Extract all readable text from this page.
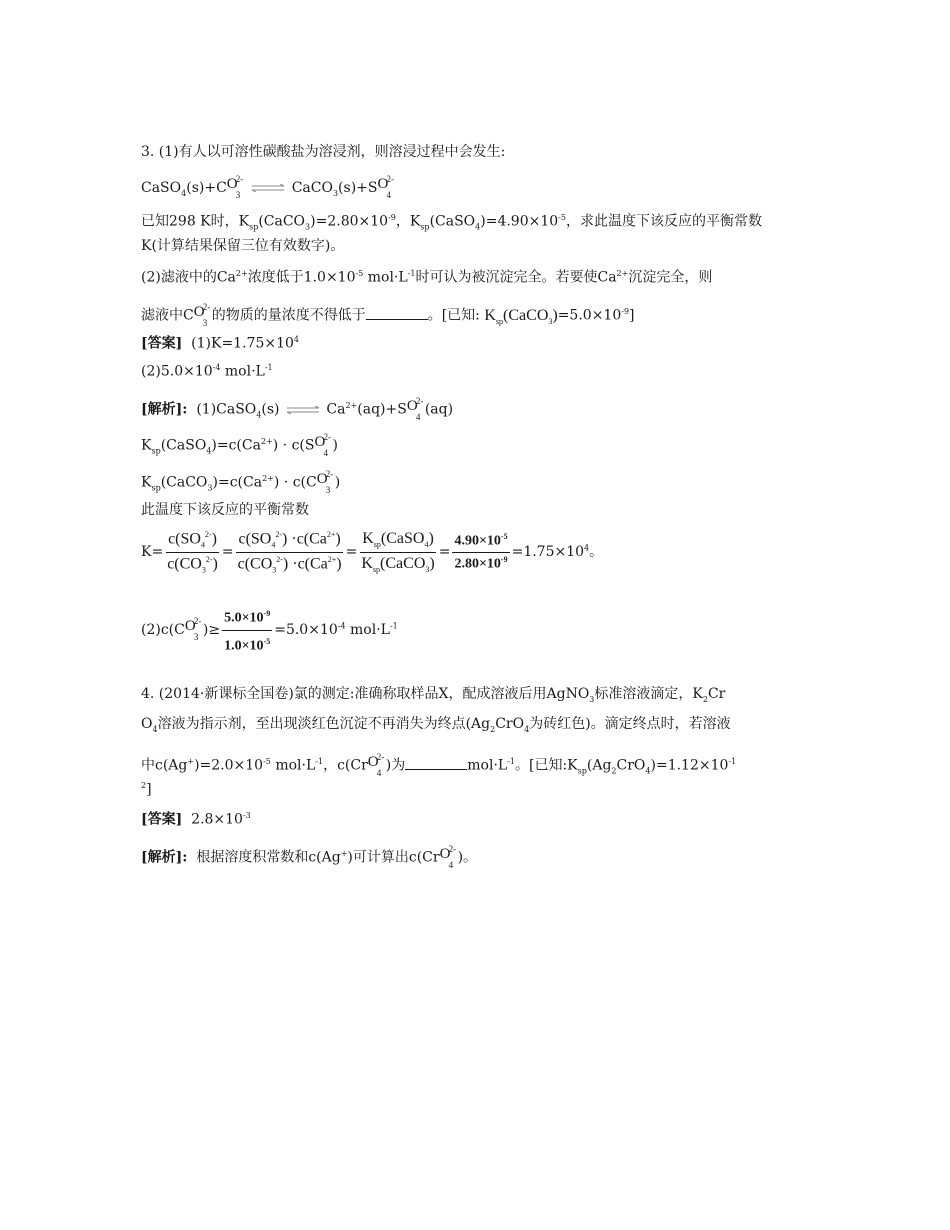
3. (1)有人以可溶性碳酸盐为溶浸剂，则溶浸过程中会发生:
CaSO$_4$(s)+C O
2-
3 ⇌ CaCO$_3$(s)+S O
2-
4
已知298 K时，$K_{sp}(CaCO_3)=2.80\times 10^{-9}$，$K_{sp}(CaSO_4)=4.90\times 10^{-5}$，求此温度下该反应的平衡常数
K(计算结果保留三位有效数字)。
(2)滤液中的$Ca^{2+}$浓度低于$1.0\times 10^{-5}$ $mol\cdot L^{-1}$时可认为被沉淀完全。若要使$Ca^{2+}$沉淀完全，则
滤液中C O
2-
3 的物质的量浓度不得低于	。[已知: $K_{sp}(CaCO_3)=5.0\times 10^{-9}$]
[答案] $(1)K=1.75\times 10^4$
$(2)5.0\times 10^{-4}$ $mol\cdot L^{-1}$
[解析]: (1)CaSO$_4$(s) ⇌ $Ca^{2+}(aq)+S$ O
2-
4 (aq)
$K_{sp}(CaSO_4)=c(Ca^{2+}) \cdot c(S$ O
2-
4 )
$K_{sp}(CaCO_3)=c(Ca^{2+}) \cdot c(C$ O
2-
3 )
此温度下该反应的平衡常数
$K= \frac{c(SO_4^{2-})}{c(CO_3^{2-})} = \frac{c(SO_4^{2-}) \cdot c(Ca^{2+})}{c(CO_3^{2-}) \cdot c(Ca^{2+})} = \frac{K_{sp}(CaSO_4)}{K_{sp}(CaCO_3)} = \frac{4.90\times 10^{-5}}{2.80\times 10^{-9}} =1.75\times 10^4$。
(2)c(C O
2-
3 )≥ $\frac{5.0\times 10^{-9}}{1.0\times 10^{-5}} =5.0\times 10^{-4}$ $mol\cdot L^{-1}$
4. (2014·新课标全国卷)氯的测定:准确称取样品X，配成溶液后用AgNO$_3$标准溶液滴定，$K_2Cr$
$O_4$溶液为指示剂，至出现淡红色沉淀不再消失为终点($Ag_2CrO_4$为砖红色)。滴定终点时，若溶液
中$c(Ag^+)=2.0\times 10^{-5}$ $mol\cdot L^{-1}$，c(Cr O
2-
4 )为	$mol\cdot L^{-1}$。[已知$:K_{sp}(Ag_2CrO_4)=1.12\times 10^{-1}$
$^2$]
[答案] $2.8\times 10^{-3}$
[解析]: 根据溶度积常数和c(Ag+)可计算出c(Cr O
2-
4 )。
